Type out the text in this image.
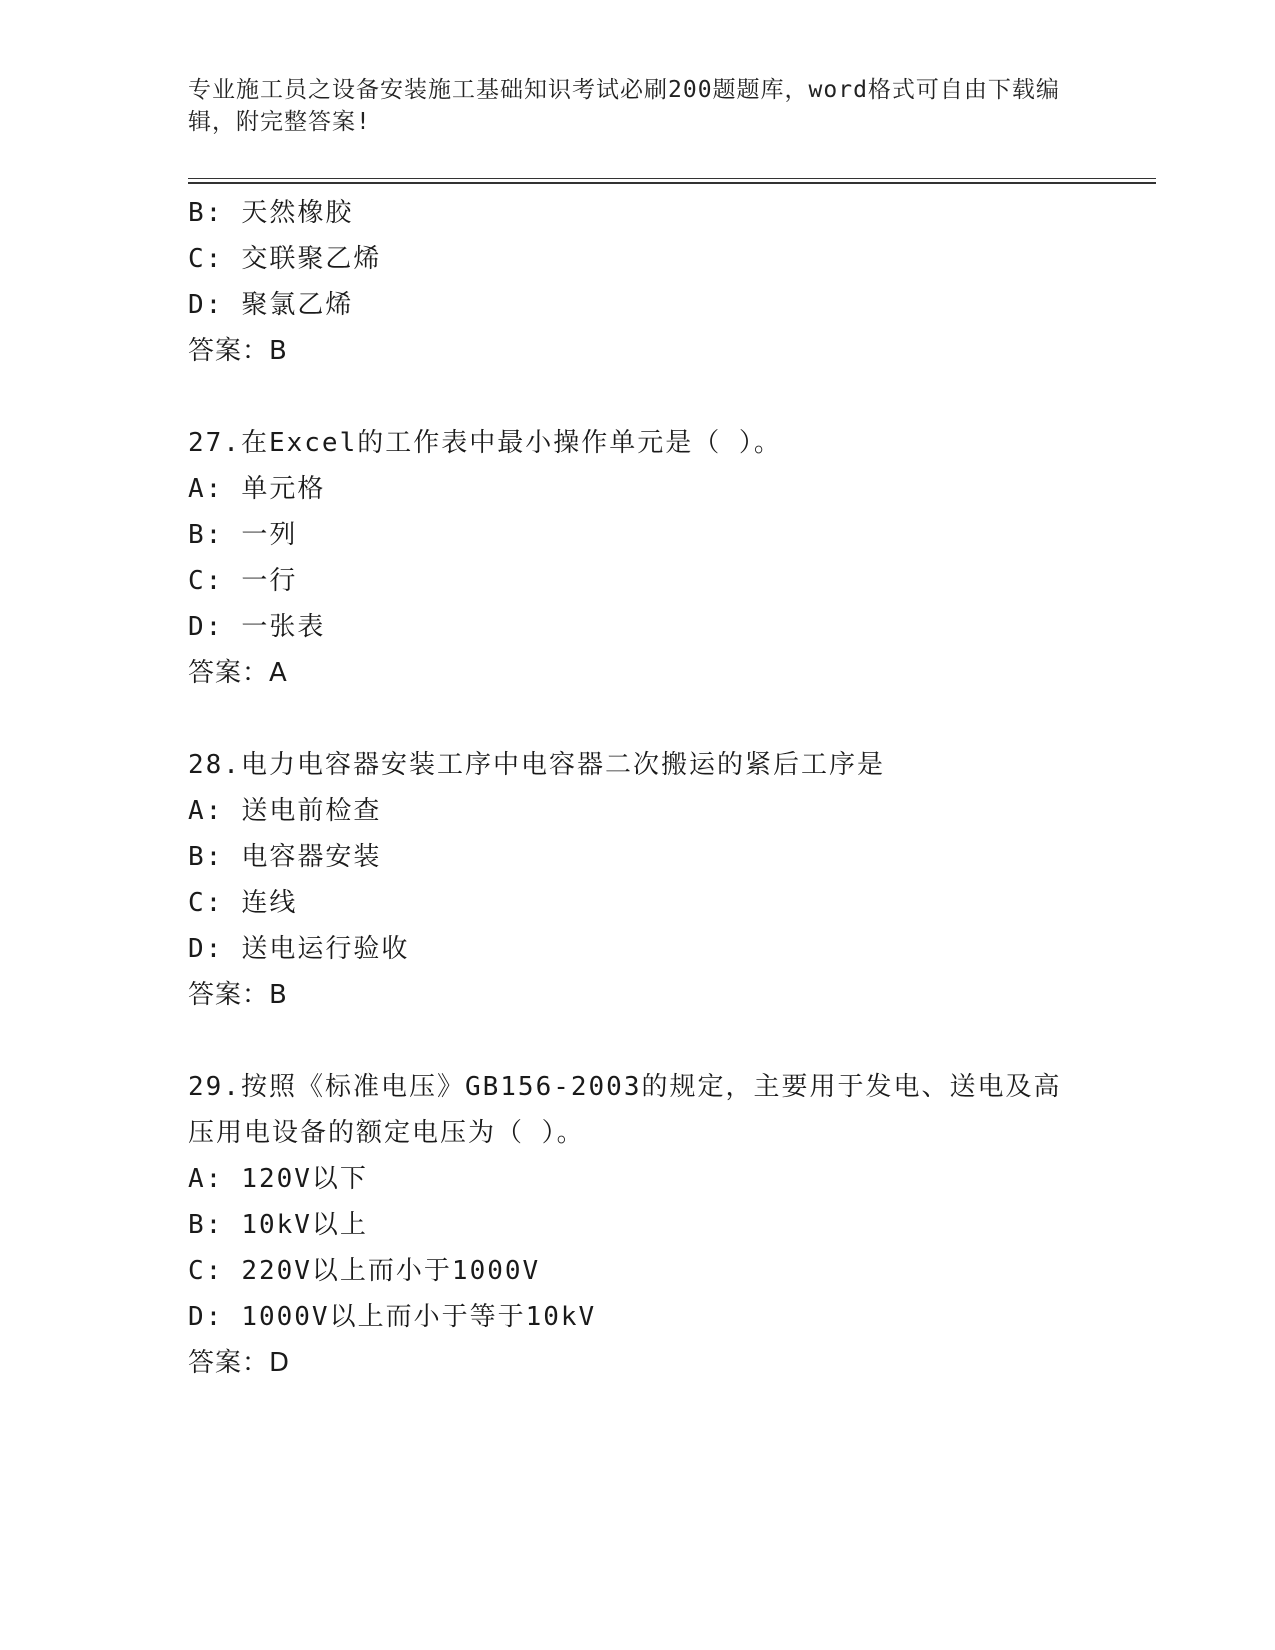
专业施工员之设备安装施工基础知识考试必刷200题题库，word格式可自由下载编辑，附完整答案!
B: 天然橡胶
C: 交联聚乙烯
D: 聚氯乙烯
答案：B
27.在Excel的工作表中最小操作单元是（ ）。
A: 单元格
B: 一列
C: 一行
D: 一张表
答案：A
28.电力电容器安装工序中电容器二次搬运的紧后工序是
A: 送电前检查
B: 电容器安装
C: 连线
D: 送电运行验收
答案：B
29.按照《标准电压》GB156-2003的规定，主要用于发电、送电及高压用电设备的额定电压为（ ）。
A: 120V以下
B: 10kV以上
C: 220V以上而小于1000V
D: 1000V以上而小于等于10kV
答案：D
